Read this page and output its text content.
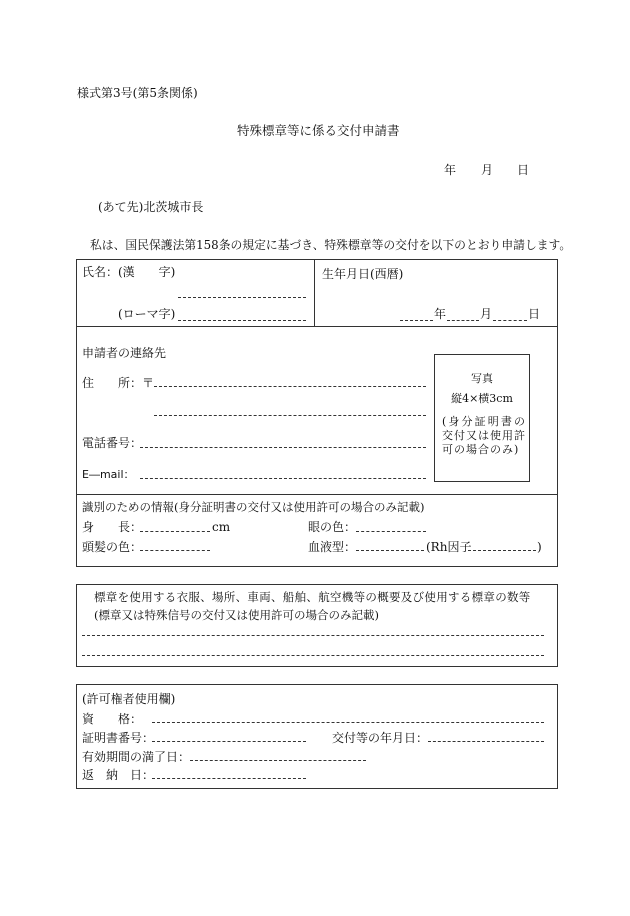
様式第3号(第5条関係)
特殊標章等に係る交付申請書
年 月 日
(あて先)北茨城市長
私は、国民保護法第158条の規定に基づき、特殊標章等の交付を以下のとおり申請します。
氏名：(漢　　字)
(ローマ字)
生年月日(西暦)
年	月	日
申請者の連絡先
住　　所：〒
電話番号：
E―mail：
写真
縦4×横3cm
(身分証明書の交付又は使用許可の場合のみ)
識別のための情報(身分証明書の交付又は使用許可の場合のみ記載)
身　　長：	cm	眼の色：
頭髪の色：	血液型：	(Rh因子	)
標章を使用する衣服、場所、車両、船舶、航空機等の概要及び使用する標章の数等
(標章又は特殊信号の交付又は使用許可の場合のみ記載)
(許可権者使用欄)
資　　格：
証明書番号：	交付等の年月日：
有効期間の満了日：
返　納　日：
